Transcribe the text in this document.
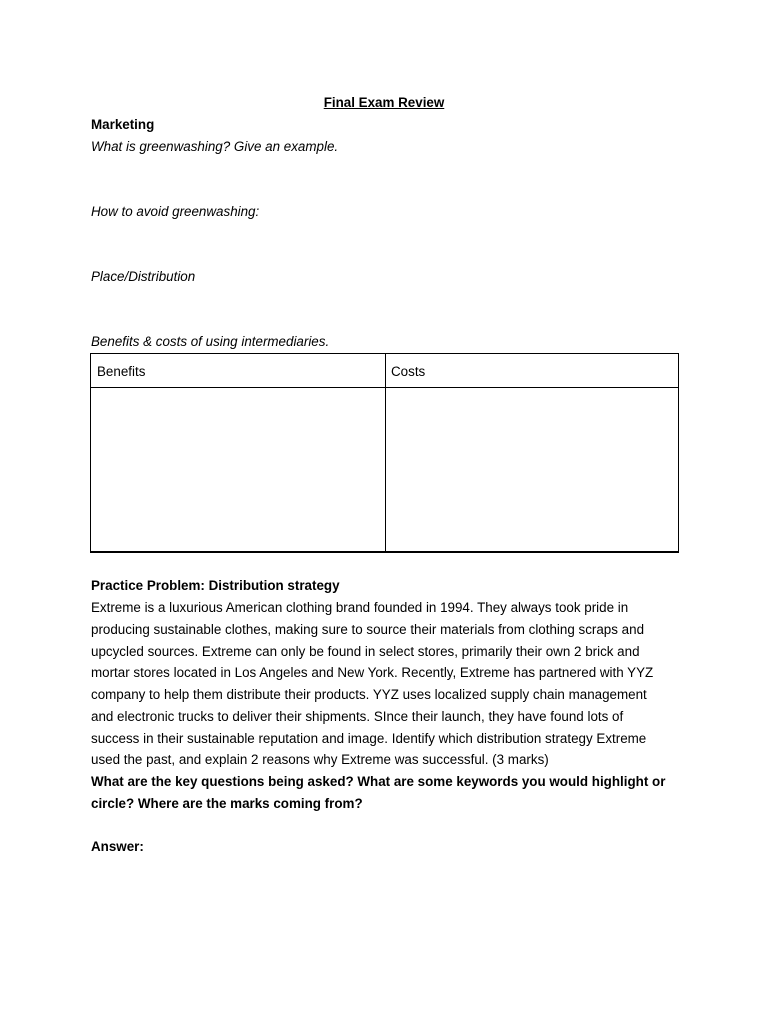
Final Exam Review
Marketing
What is greenwashing? Give an example.
How to avoid greenwashing:
Place/Distribution
Benefits & costs of using intermediaries.
Benefits	Costs
Practice Problem: Distribution strategy
Extreme is a luxurious American clothing brand founded in 1994. They always took pride in
producing sustainable clothes, making sure to source their materials from clothing scraps and
upcycled sources. Extreme can only be found in select stores, primarily their own 2 brick and
mortar stores located in Los Angeles and New York. Recently, Extreme has partnered with YYZ
company to help them distribute their products. YYZ uses localized supply chain management
and electronic trucks to deliver their shipments. SInce their launch, they have found lots of
success in their sustainable reputation and image. Identify which distribution strategy Extreme
used the past, and explain 2 reasons why Extreme was successful. (3 marks)
What are the key questions being asked? What are some keywords you would highlight or
circle? Where are the marks coming from?
Answer:
